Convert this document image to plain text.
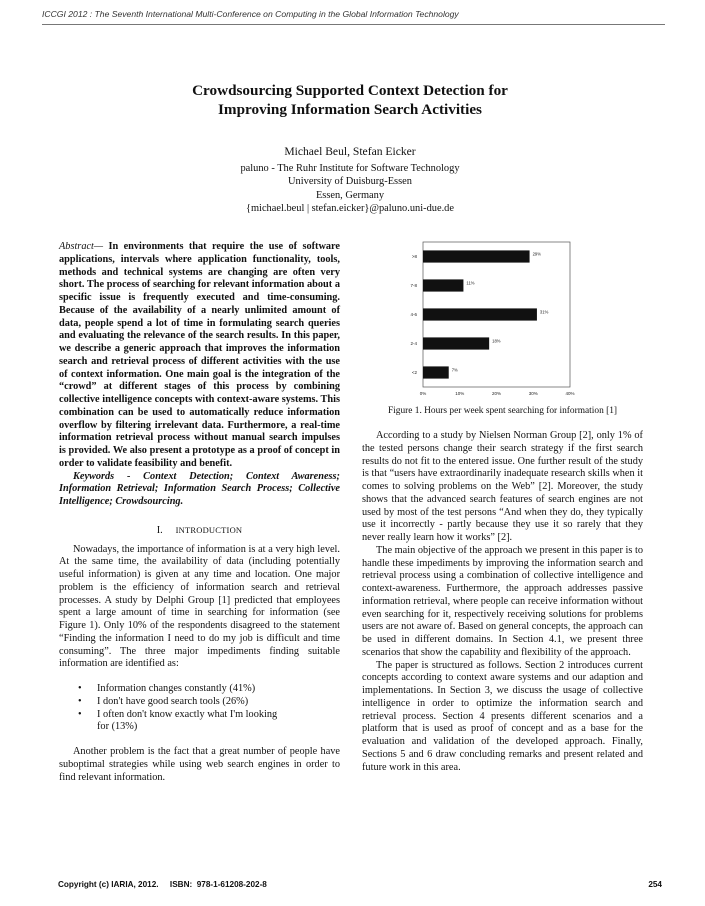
ICCGI 2012 : The Seventh International Multi-Conference on Computing in the Global Information Technology
Crowdsourcing Supported Context Detection for
Improving Information Search Activities
Michael Beul, Stefan Eicker
paluno - The Ruhr Institute for Software Technology
University of Duisburg-Essen
Essen, Germany
{michael.beul | stefan.eicker}@paluno.uni-due.de

Abstract— In environments that require the use of software applications, intervals where application functionality, tools, methods and technical systems are changing are often very short. The process of searching for relevant information about a specific issue is frequently executed and time-consuming. Because of the availability of a nearly unlimited amount of data, people spend a lot of time in formulating search queries and evaluating the relevance of the search results. In this paper, we describe a generic approach that improves the information search and retrieval process of different activities with the use of context information. One main goal is the integration of the “crowd” at different stages of this process by combining collective intelligence concepts with context-aware systems. This combination can be used to automatically reduce information overflow by filtering irrelevant data. Furthermore, a real-time information retrieval process without manual search impulses is provided. We also present a prototype as a proof of concept in order to validate feasibility and benefit.

Keywords - Context Detection; Context Awareness; Information Retrieval; Information Search Process; Collective Intelligence; Crowdsourcing.

I. INTRODUCTION

Nowadays, the importance of information is at a very high level. At the same time, the availability of data (including potentially useful information) is given at any time and location. One major problem is the efficiency of information search and retrieval processes. A study by Delphi Group [1] predicted that employees spent a large amount of time in searching for information (see Figure 1). Only 10% of the respondents disagreed to the statement “Finding the information I need to do my job is difficult and time consuming”. The three major impediments finding suitable information are identified as:

• Information changes constantly (41%)
• I don't have good search tools (26%)
• I often don't know exactly what I'm looking for (13%)

Another problem is the fact that a great number of people have suboptimal strategies while using web search engines in order to find relevant information.

>8	29%
7-8	11%
4-6	31%
2-4	18%
<2	7%
0%	10%	20%	30%	40%
Figure 1. Hours per week spent searching for information [1]

According to a study by Nielsen Norman Group [2], only 1% of the tested persons change their search strategy if the first search results do not fit to the entered issue. One further result of the study is that “users have extraordinarily inadequate research skills when it comes to solving problems on the Web” [2]. Moreover, the study shows that the advanced search features of search engines are not used by most of the test persons “And when they do, they typically use it incorrectly - partly because they use it so rarely that they never really learn how it works” [2].

The main objective of the approach we present in this paper is to handle these impediments by improving the information search and retrieval process using a combination of collective intelligence and context-awareness. Furthermore, the approach addresses passive information retrieval, where people can receive information without even searching for it, respectively receiving solutions for problems users are not aware of. Based on general concepts, the approach can be used in different domains. In Section 4.1, we present three scenarios that show the capability and flexibility of the approach.

The paper is structured as follows. Section 2 introduces current concepts according to context aware systems and our adaption and implementations. In Section 3, we discuss the usage of collective intelligence in order to optimize the information search and retrieval process. Section 4 presents different scenarios and a platform that is used as proof of concept and as a base for the evaluation and validation of the developed approach. Finally, Sections 5 and 6 draw concluding remarks and present related and future work in this area.

Copyright (c) IARIA, 2012.     ISBN:  978-1-61208-202-8	254
